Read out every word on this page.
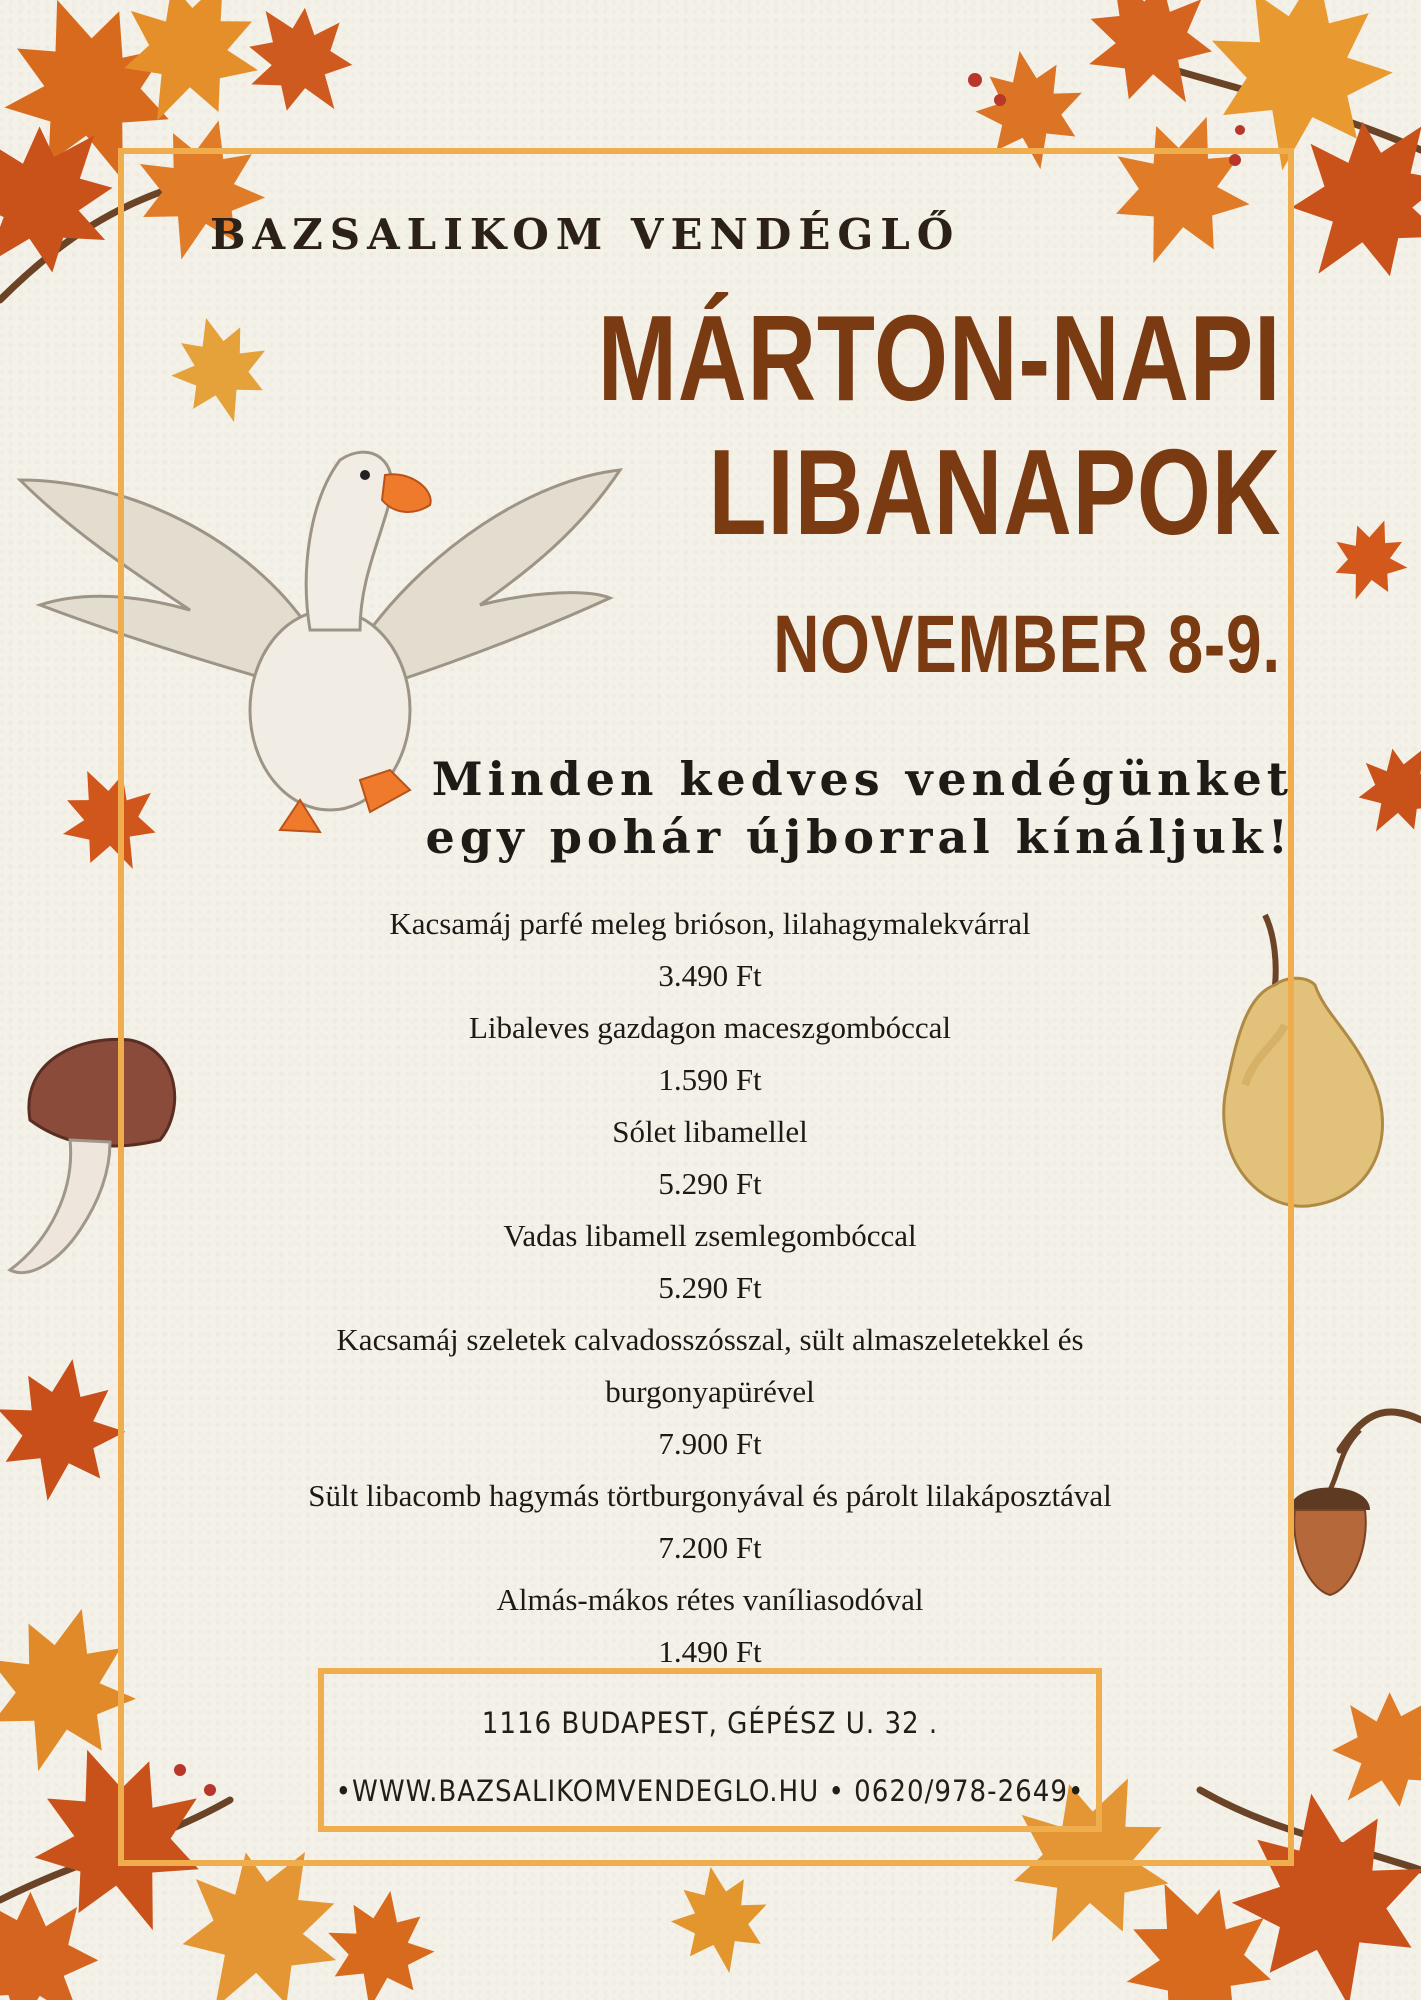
BAZSALIKOM VENDÉGLŐ
MÁRTON-NAPI
LIBANAPOK
NOVEMBER 8-9.
Minden kedves vendégünket
egy pohár újborral kínáljuk!
Kacsamáj parfé meleg brióson, lilahagymalekvárral
3.490 Ft
Libaleves gazdagon maceszgombóccal
1.590 Ft
Sólet libamellel
5.290 Ft
Vadas libamell zsemlegombóccal
5.290 Ft
Kacsamáj szeletek calvadosszósszal, sült almaszeletekkel és burgonyapürével
7.900 Ft
Sült libacomb hagymás törtburgonyával és párolt lilakáposztával
7.200 Ft
Almás-mákos rétes vaníliasodóval
1.490 Ft
1116 BUDAPEST, GÉPÉSZ U. 32 .
•WWW.BAZSALIKOMVENDEGLO.HU • 0620/978-2649•
